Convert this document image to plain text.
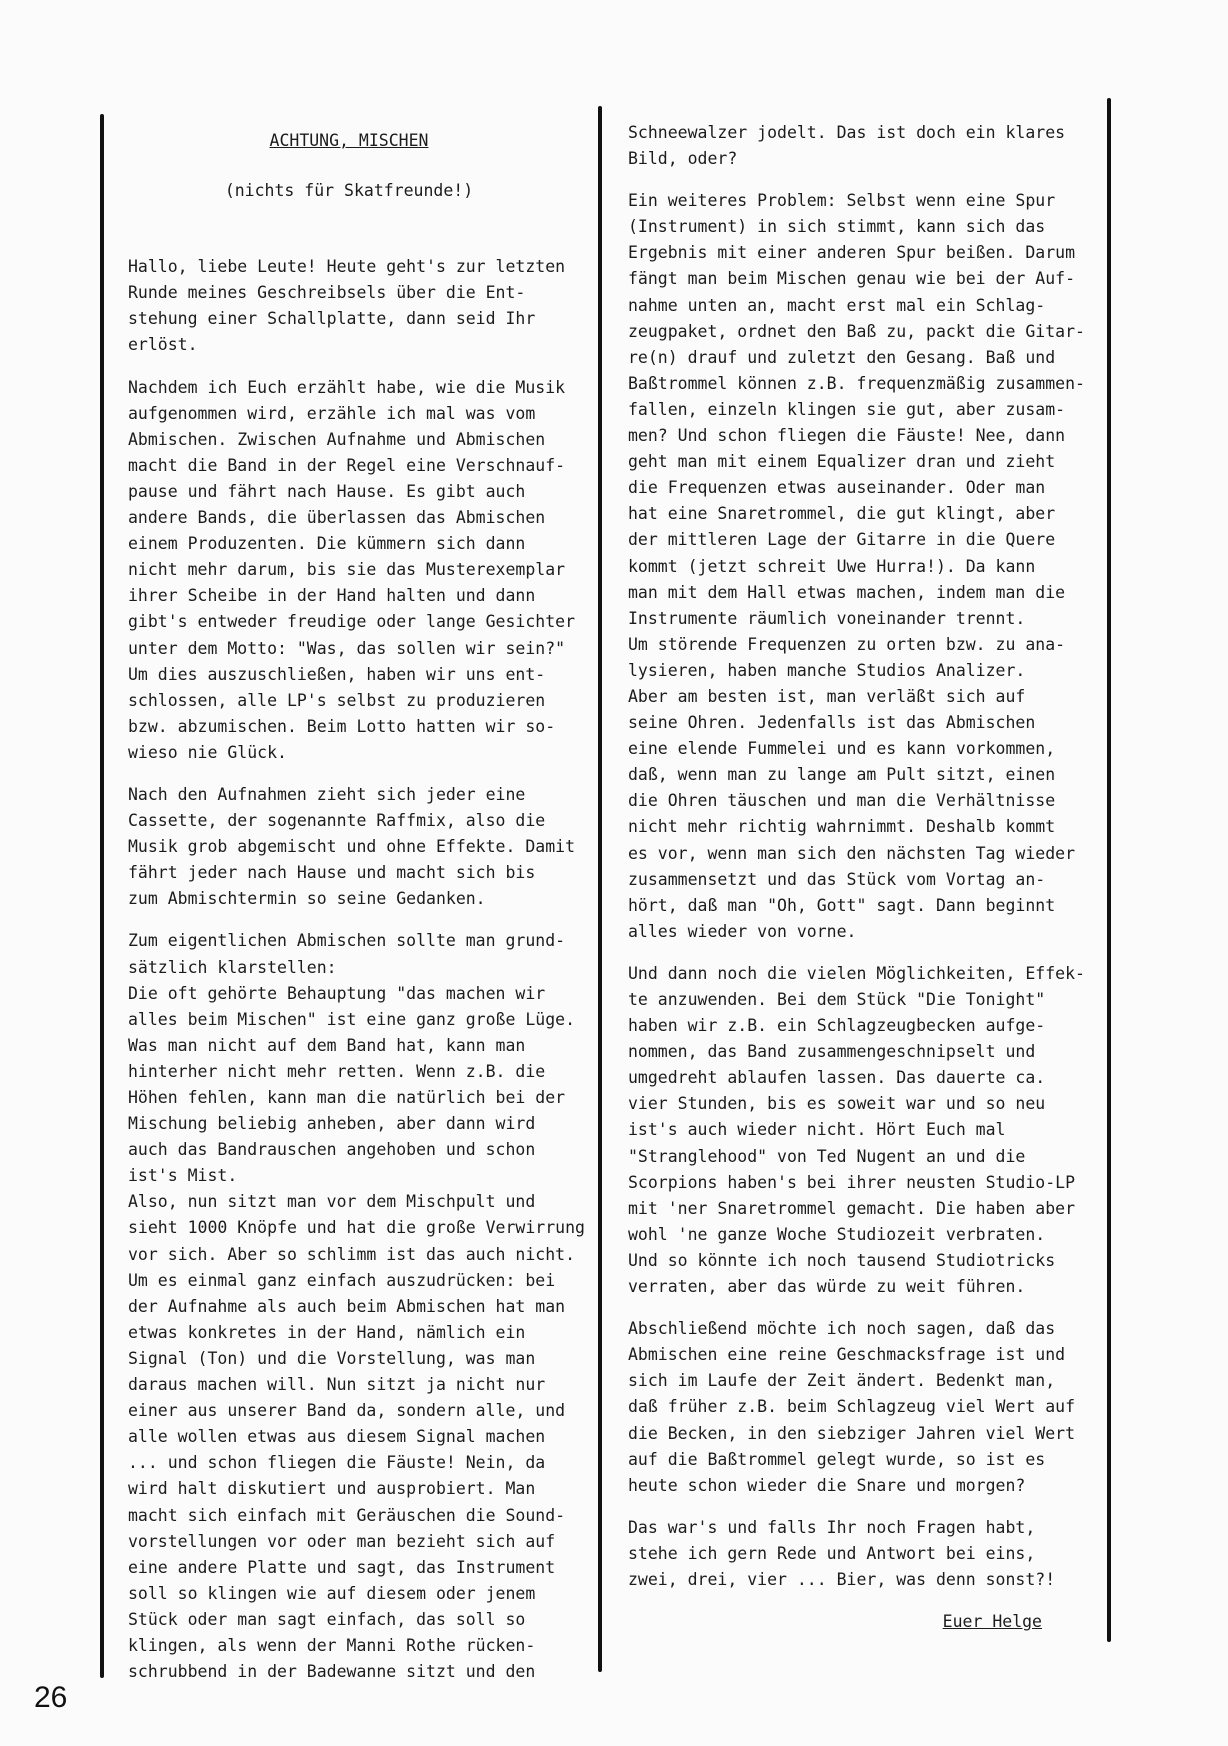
ACHTUNG, MISCHEN
(nichts für Skatfreunde!)
Hallo, liebe Leute! Heute geht's zur letzten
Runde meines Geschreibsels über die Ent-
stehung einer Schallplatte, dann seid Ihr
erlöst.
Nachdem ich Euch erzählt habe, wie die Musik
aufgenommen wird, erzähle ich mal was vom
Abmischen. Zwischen Aufnahme und Abmischen
macht die Band in der Regel eine Verschnauf-
pause und fährt nach Hause. Es gibt auch
andere Bands, die überlassen das Abmischen
einem Produzenten. Die kümmern sich dann
nicht mehr darum, bis sie das Musterexemplar
ihrer Scheibe in der Hand halten und dann
gibt's entweder freudige oder lange Gesichter
unter dem Motto: "Was, das sollen wir sein?"
Um dies auszuschließen, haben wir uns ent-
schlossen, alle LP's selbst zu produzieren
bzw. abzumischen. Beim Lotto hatten wir so-
wieso nie Glück.
Nach den Aufnahmen zieht sich jeder eine
Cassette, der sogenannte Raffmix, also die
Musik grob abgemischt und ohne Effekte. Damit
fährt jeder nach Hause und macht sich bis
zum Abmischtermin so seine Gedanken.
Zum eigentlichen Abmischen sollte man grund-
sätzlich klarstellen:
Die oft gehörte Behauptung "das machen wir
alles beim Mischen" ist eine ganz große Lüge.
Was man nicht auf dem Band hat, kann man
hinterher nicht mehr retten. Wenn z.B. die
Höhen fehlen, kann man die natürlich bei der
Mischung beliebig anheben, aber dann wird
auch das Bandrauschen angehoben und schon
ist's Mist.
Also, nun sitzt man vor dem Mischpult und
sieht 1000 Knöpfe und hat die große Verwirrung
vor sich. Aber so schlimm ist das auch nicht.
Um es einmal ganz einfach auszudrücken: bei
der Aufnahme als auch beim Abmischen hat man
etwas konkretes in der Hand, nämlich ein
Signal (Ton) und die Vorstellung, was man
daraus machen will. Nun sitzt ja nicht nur
einer aus unserer Band da, sondern alle, und
alle wollen etwas aus diesem Signal machen
... und schon fliegen die Fäuste! Nein, da
wird halt diskutiert und ausprobiert. Man
macht sich einfach mit Geräuschen die Sound-
vorstellungen vor oder man bezieht sich auf
eine andere Platte und sagt, das Instrument
soll so klingen wie auf diesem oder jenem
Stück oder man sagt einfach, das soll so
klingen, als wenn der Manni Rothe rücken-
schrubbend in der Badewanne sitzt und den
Schneewalzer jodelt. Das ist doch ein klares
Bild, oder?
Ein weiteres Problem: Selbst wenn eine Spur
(Instrument) in sich stimmt, kann sich das
Ergebnis mit einer anderen Spur beißen. Darum
fängt man beim Mischen genau wie bei der Auf-
nahme unten an, macht erst mal ein Schlag-
zeugpaket, ordnet den Baß zu, packt die Gitar-
re(n) drauf und zuletzt den Gesang. Baß und
Baßtrommel können z.B. frequenzmäßig zusammen-
fallen, einzeln klingen sie gut, aber zusam-
men? Und schon fliegen die Fäuste! Nee, dann
geht man mit einem Equalizer dran und zieht
die Frequenzen etwas auseinander. Oder man
hat eine Snaretrommel, die gut klingt, aber
der mittleren Lage der Gitarre in die Quere
kommt (jetzt schreit Uwe Hurra!). Da kann
man mit dem Hall etwas machen, indem man die
Instrumente räumlich voneinander trennt.
Um störende Frequenzen zu orten bzw. zu ana-
lysieren, haben manche Studios Analizer.
Aber am besten ist, man verläßt sich auf
seine Ohren. Jedenfalls ist das Abmischen
eine elende Fummelei und es kann vorkommen,
daß, wenn man zu lange am Pult sitzt, einen
die Ohren täuschen und man die Verhältnisse
nicht mehr richtig wahrnimmt. Deshalb kommt
es vor, wenn man sich den nächsten Tag wieder
zusammensetzt und das Stück vom Vortag an-
hört, daß man "Oh, Gott" sagt. Dann beginnt
alles wieder von vorne.
Und dann noch die vielen Möglichkeiten, Effek-
te anzuwenden. Bei dem Stück "Die Tonight"
haben wir z.B. ein Schlagzeugbecken aufge-
nommen, das Band zusammengeschnipselt und
umgedreht ablaufen lassen. Das dauerte ca.
vier Stunden, bis es soweit war und so neu
ist's auch wieder nicht. Hört Euch mal
"Stranglehood" von Ted Nugent an und die
Scorpions haben's bei ihrer neusten Studio-LP
mit 'ner Snaretrommel gemacht. Die haben aber
wohl 'ne ganze Woche Studiozeit verbraten.
Und so könnte ich noch tausend Studiotricks
verraten, aber das würde zu weit führen.
Abschließend möchte ich noch sagen, daß das
Abmischen eine reine Geschmacksfrage ist und
sich im Laufe der Zeit ändert. Bedenkt man,
daß früher z.B. beim Schlagzeug viel Wert auf
die Becken, in den siebziger Jahren viel Wert
auf die Baßtrommel gelegt wurde, so ist es
heute schon wieder die Snare und morgen?
Das war's und falls Ihr noch Fragen habt,
stehe ich gern Rede und Antwort bei eins,
zwei, drei, vier ... Bier, was denn sonst?!
Euer Helge
26
